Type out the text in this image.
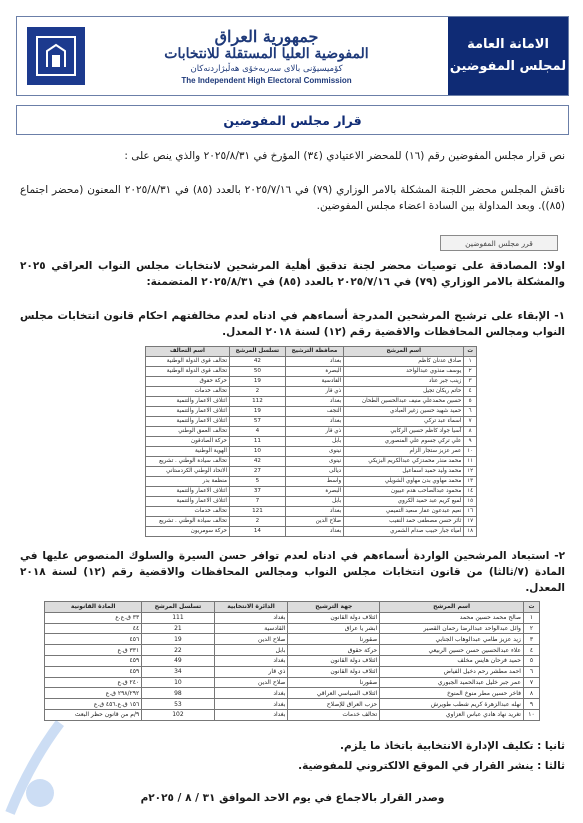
جمهورية العراق
المفوضية العليا المستقلة للانتخابات
کۆمیسیۆنی بالای سەربەخۆی هەڵبژاردنەکان
The Independent High Electoral Commission
الامانة العامة
لمجلس المفوضين
قرار مجلس المفوضين
نص قرار مجلس المفوضين رقم (١٦) للمحضر الاعتيادي (٣٤) المؤرخ في ٢٠٢٥/٨/٣١ والذي ينص على :
ناقش المجلس محضر اللجنة المشكلة بالامر الوزاري (٧٩) في ٢٠٢٥/٧/١٦ بالعدد (٨٥) في ٢٠٢٥/٨/٣١ المعنون (محضر اجتماع (٨٥)). وبعد المداولة بين السادة اعضاء مجلس المفوضين.
قرر مجلس المفوضين
اولا: المصادقة على توصيات محضر لجنة تدقيق أهلية المرشحين لانتخابات مجلس النواب العراقي ٢٠٢٥ والمشكلة بالامر الوزاري (٧٩) في ٢٠٢٥/٧/١٦ بالعدد (٨٥) في ٢٠٢٥/٨/٣١ المتضمنة:
١- الإبقاء على ترشيح المرشحين المدرجة أسماءهم في ادناه لعدم مخالفتهم احكام قانون انتخابات مجلس النواب ومجالس المحافظات والاقضية رقم (١٢) لسنة ٢٠١٨ المعدل.
ت	اسم المرشح	محافظة الترشيح	تسلسل المرشح	اسم التحالف
١	صادق عدنان كاظم	بغداد	42	تحالف قوى الدولة الوطنية
٢	يوسف منذوي عبدالواحد	البصرة	50	تحالف قوى الدولة الوطنية
٣	زينب جبر عناد	القادسية	19	حركة حقوق
٤	حاتم ريكان تجيل	ذي قار	2	تحالف خدمات
٥	حسين محمدعلي منيف عبدالحسين الطحان	بغداد	112	ائتلاف الاعمار والتنمية
٦	حميد شهيد حسين زغير العبادي	النجف	19	ائتلاف الاعمار والتنمية
٧	اسماء عبد تركي	بغداد	57	ائتلاف الاعمار والتنمية
٨	آسيا جواد كاظم حسين الركابي	ذي قار	4	تحالف العمق الوطني
٩	علي تركي جسوم علي المنصوري	بابل	11	حركة الصادقون
١٠	عمر عزيز ستجار الزام	نينوى	10	الهوية الوطنية
١١	محمد منذر محمدزكي عبدالكريم البزيكي	نينوى	42	تحالف سيادة الوطني . تشريع
١٢	محمد وليد حميد اسماعيل	ديالى	27	الاتحاد الوطني الكردستاني
١٣	محمد مهاوي بدن مهاوي الشويلي	واسط	5	منظمة بدر
١٤	محمود عبدالصاحب هدم عبيون	البصرة	37	ائتلاف الاعمار والتنمية
١٥	لميع كريم عبد حميد الكروي	بابل	7	ائتلاف الاعمار والتنمية
١٦	نعيم عبدعون عفار سعيد التميمي	بغداد	121	تحالف خدمات
١٧	ثائر حسن مصطفى حمد النقيب	صلاح الدين	2	تحالف سيادة الوطني . تشريع
١٨	امياء جبار حبيب صدام الشمري	بغداد	14	حركة سومريون
٢- استبعاد المرشحين الواردة أسماءهم في ادناه لعدم توافر حسن السيرة والسلوك المنصوص عليها في المادة (٧/ثالثا) من قانون انتخابات مجلس النواب ومجالس المحافظات والاقضية رقم (١٢) لسنة ٢٠١٨ المعدل.
ت	اسم المرشح	جهة الترشيح	الدائرة الانتخابية	تسلسل المرشح	المادة القانونية
١	صالح محمد حسين محمد	ائتلاف دولة القانون	بغداد	111	٣٣ ق.ع.ع
٢	وائل عبدالواحد عبدالرضا رحمان القصير	ابشر يا عراق	القادسية	21	٤٤
٣	زيد عزيز طامي عبدالوهاب الجنابي	صقورنا	صلاح الدين	19	٤٥٦
٤	علاء عبدالحسين حسن حسين الربيعي	حركة حقوق	بابل	22	٣٣١ ق.ع
٥	حميد فرحان هايس مخلف	ائتلاف دولة القانون	بغداد	49	٤٥٩
٦	احمد مطشر رحم دخيل الفياض	ائتلاف دولة القانون	ذي قار	34	٤٥٩
٧	عمر جبر خليل عبدالحميد الجبوري	صقورنا	صلاح الدين	10	٢٤٠ ق.ع
٨	فاخر حسين مطر منوخ المنوخ	ائتلاف السياسي العراقي	بغداد	98	٢٩٨/٢٩٢ ق.ع
٩	نهله عبدالزهرة كريم شطب طويرش	حزب العراق للإصلاح	بغداد	53	١٥٦ ق.ع.٤٥٦ ق.ع
١٠	تغريد نهاد هادي عباس العزاوي	تحالف خدمات	بغداد	102	٩/م من قانون حظر البعث
ثانيا : تكليف الإدارة الانتخابية باتخاذ ما يلزم.
ثالثا : ينشر القرار في الموقع الالكتروني للمفوضية.
وصدر القرار بالاجماع في يوم الاحد الموافق ٣١ / ٨ / ٢٠٢٥م
